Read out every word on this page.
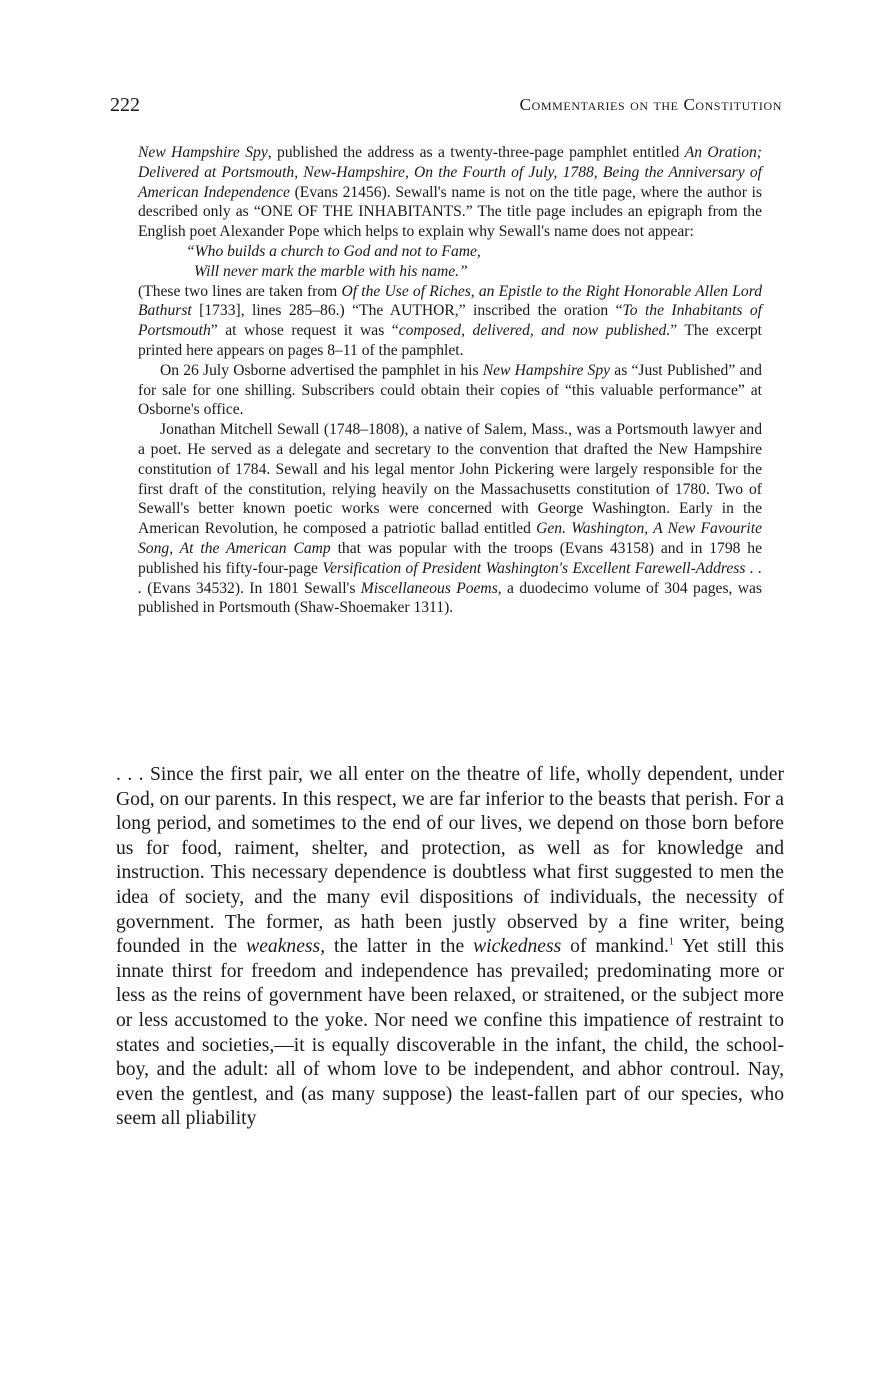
222	Commentaries on the Constitution

New Hampshire Spy, published the address as a twenty-three-page pamphlet entitled An Oration; Delivered at Portsmouth, New-Hampshire, On the Fourth of July, 1788, Being the Anniversary of American Independence (Evans 21456). Sewall's name is not on the title page, where the author is described only as “ONE OF THE INHABITANTS.” The title page includes an epigraph from the English poet Alexander Pope which helps to explain why Sewall's name does not appear:

“Who builds a church to God and not to Fame,
Will never mark the marble with his name.”

(These two lines are taken from Of the Use of Riches, an Epistle to the Right Honorable Allen Lord Bathurst [1733], lines 285–86.) “The AUTHOR,” inscribed the oration “To the Inhabitants of Portsmouth” at whose request it was “composed, delivered, and now published.” The excerpt printed here appears on pages 8–11 of the pamphlet.

On 26 July Osborne advertised the pamphlet in his New Hampshire Spy as “Just Published” and for sale for one shilling. Subscribers could obtain their copies of “this valuable performance” at Osborne's office.

Jonathan Mitchell Sewall (1748–1808), a native of Salem, Mass., was a Portsmouth lawyer and a poet. He served as a delegate and secretary to the convention that drafted the New Hampshire constitution of 1784. Sewall and his legal mentor John Pickering were largely responsible for the first draft of the constitution, relying heavily on the Massachusetts constitution of 1780. Two of Sewall's better known poetic works were concerned with George Washington. Early in the American Revolution, he composed a patriotic ballad entitled Gen. Washington, A New Favourite Song, At the American Camp that was popular with the troops (Evans 43158) and in 1798 he published his fifty-four-page Versification of President Washington's Excellent Farewell-Address . . . (Evans 34532). In 1801 Sewall's Miscellaneous Poems, a duodecimo volume of 304 pages, was published in Portsmouth (Shaw-Shoemaker 1311).

. . . Since the first pair, we all enter on the theatre of life, wholly dependent, under God, on our parents. In this respect, we are far inferior to the beasts that perish. For a long period, and sometimes to the end of our lives, we depend on those born before us for food, raiment, shelter, and protection, as well as for knowledge and instruction. This necessary dependence is doubtless what first suggested to men the idea of society, and the many evil dispositions of individuals, the necessity of government. The former, as hath been justly observed by a fine writer, being founded in the weakness, the latter in the wickedness of mankind.$^1$ Yet still this innate thirst for freedom and independence has prevailed; predominating more or less as the reins of government have been relaxed, or straitened, or the subject more or less accustomed to the yoke. Nor need we confine this impatience of restraint to states and societies,—it is equally discoverable in the infant, the child, the school-boy, and the adult: all of whom love to be independent, and abhor controul. Nay, even the gentlest, and (as many suppose) the least-fallen part of our species, who seem all pliability
